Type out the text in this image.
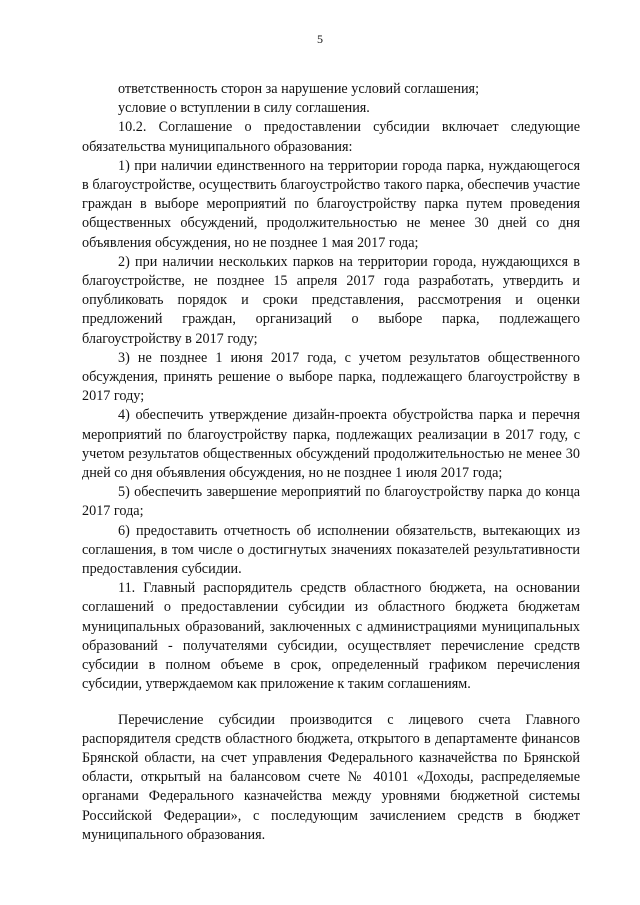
5

ответственность сторон за нарушение условий соглашения;

условие о вступлении в силу соглашения.

10.2. Соглашение о предоставлении субсидии включает следующие обязательства муниципального образования:

1) при наличии единственного на территории города парка, нуждающегося в благоустройстве, осуществить благоустройство такого парка, обеспечив участие граждан в выборе мероприятий по благоустройству парка путем проведения общественных обсуждений, продолжительностью не менее 30 дней со дня объявления обсуждения, но не позднее 1 мая 2017 года;

2) при наличии нескольких парков на территории города, нуждающихся в благоустройстве, не позднее 15 апреля 2017 года разработать, утвердить и опубликовать порядок и сроки представления, рассмотрения и оценки предложений граждан, организаций о выборе парка, подлежащего благоустройству в 2017 году;

3) не позднее 1 июня 2017 года, с учетом результатов общественного обсуждения, принять решение о выборе парка, подлежащего благоустройству в 2017 году;

4) обеспечить утверждение дизайн-проекта обустройства парка и перечня мероприятий по благоустройству парка, подлежащих реализации в 2017 году, с учетом результатов общественных обсуждений продолжительностью не менее 30 дней со дня объявления обсуждения, но не позднее 1 июля 2017 года;

5) обеспечить завершение мероприятий по благоустройству парка до конца 2017 года;

6) предоставить отчетность об исполнении обязательств, вытекающих из соглашения, в том числе о достигнутых значениях показателей результативности предоставления субсидии.

11. Главный распорядитель средств областного бюджета, на основании соглашений о предоставлении субсидии из областного бюджета бюджетам муниципальных образований, заключенных с администрациями муниципальных образований - получателями субсидии, осуществляет перечисление средств субсидии в полном объеме в срок, определенный графиком перечисления субсидии, утверждаемом как приложение к таким соглашениям.

Перечисление субсидии производится с лицевого счета Главного распорядителя средств областного бюджета, открытого в департаменте финансов Брянской области, на счет управления Федерального казначейства по Брянской области, открытый на балансовом счете № 40101 «Доходы, распределяемые органами Федерального казначейства между уровнями бюджетной системы Российской Федерации», с последующим зачислением средств в бюджет муниципального образования.
